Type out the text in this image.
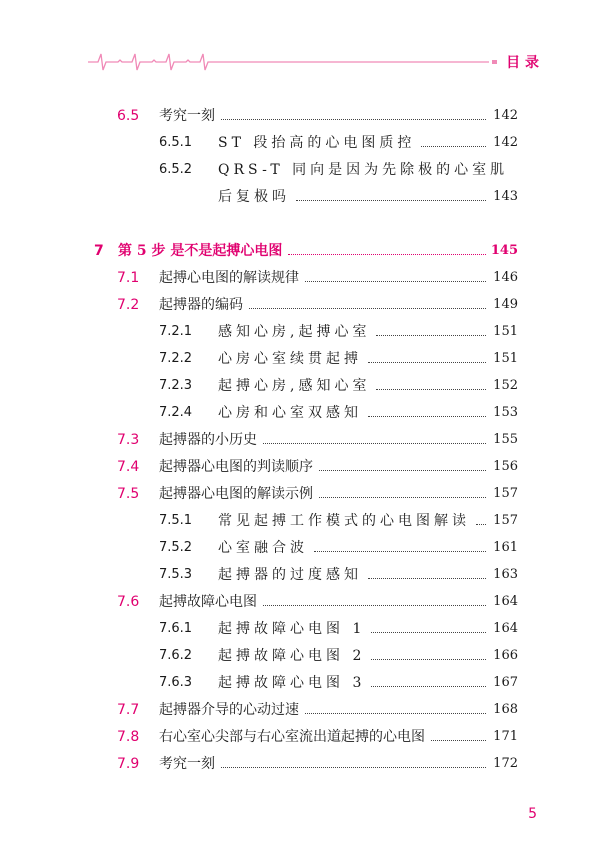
目 录
6.5 考究一刻	142
6.5.1 ST 段抬高的心电图质控	142
6.5.2 QRS-T 同向是因为先除极的心室肌
后复极吗	143
7 第 5 步 是不是起搏心电图	145
7.1 起搏心电图的解读规律	146
7.2 起搏器的编码	149
7.2.1 感知心房,起搏心室	151
7.2.2 心房心室续贯起搏	151
7.2.3 起搏心房,感知心室	152
7.2.4 心房和心室双感知	153
7.3 起搏器的小历史	155
7.4 起搏器心电图的判读顺序	156
7.5 起搏器心电图的解读示例	157
7.5.1 常见起搏工作模式的心电图解读 157
7.5.2 心室融合波	161
7.5.3 起搏器的过度感知	163
7.6 起搏故障心电图	164
7.6.1 起搏故障心电图 1	164
7.6.2 起搏故障心电图 2	166
7.6.3 起搏故障心电图 3	167
7.7 起搏器介导的心动过速	168
7.8 右心室心尖部与右心室流出道起搏的心电图	171
7.9 考究一刻	172
5
